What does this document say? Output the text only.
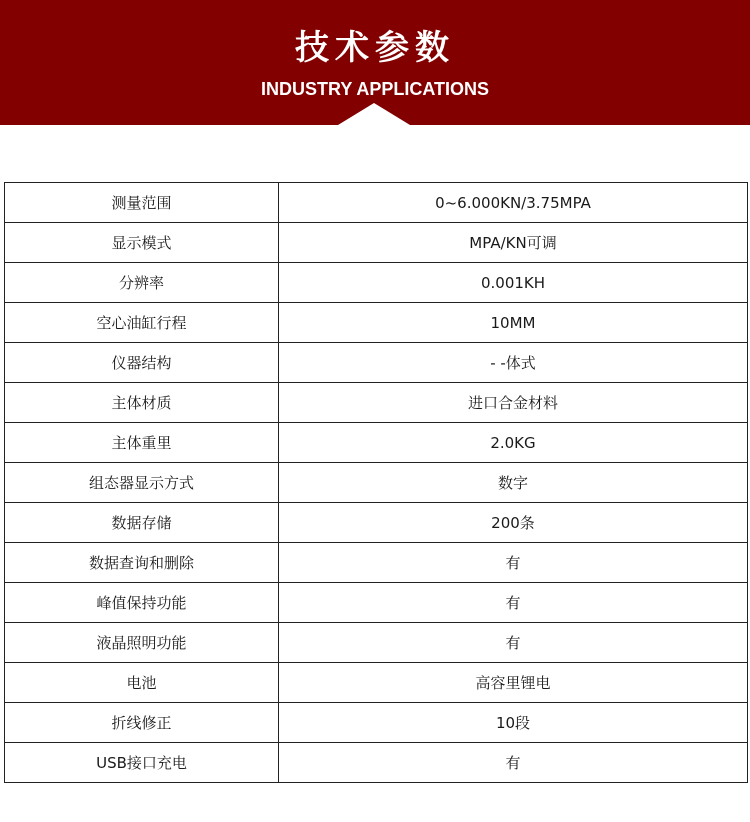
技术参数
INDUSTRY APPLICATIONS
测量范围	0~6.000KN/3.75MPA
显示模式	MPA/KN可调
分辨率	0.001KH
空心油缸行程	10MM
仪器结构	- -体式
主体材质	进口合金材料
主体重里	2.0KG
组态器显示方式	数字
数据存储	200条
数据查询和删除	有
峰值保持功能	有
液晶照明功能	有
电池	高容里锂电
折线修正	10段
USB接口充电	有
